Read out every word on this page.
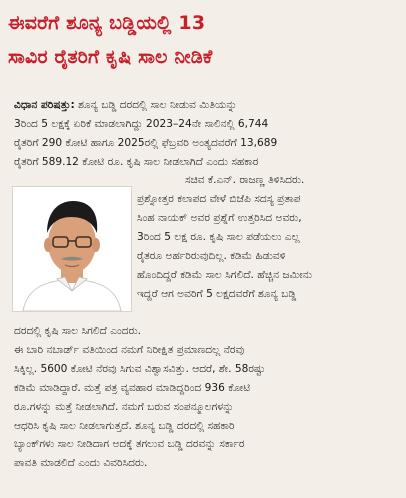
ಈವರೆಗೆ ಶೂನ್ಯ ಬಡ್ಡಿಯಲ್ಲಿ 13
ಸಾವಿರ ರೈತರಿಗೆ ಕೃಷಿ ಸಾಲ ನೀಡಿಕೆ
ವಿಧಾನ ಪರಿಷತ್ತು: ಶೂನ್ಯ ಬಡ್ಡಿ ದರದಲ್ಲಿ ಸಾಲ ನೀಡುವ ಮಿತಿಯನ್ನು
3ರಿಂದ 5 ಲಕ್ಷಕ್ಕೆ ಏರಿಕೆ ಮಾಡಲಾಗಿದ್ದು 2023–24ನೇ ಸಾಲಿನಲ್ಲಿ 6,744
ರೈತರಿಗೆ 290 ಕೋಟಿ ಹಾಗೂ 2025ರಲ್ಲಿ ಫೆಬ್ರವರಿ ಅಂತ್ಯದವರೆಗೆ 13,689
ರೈತರಿಗೆ 589.12 ಕೋಟಿ ರೂ. ಕೃಷಿ ಸಾಲ ನೀಡಲಾಗಿದೆ ಎಂದು ಸಹಕಾರ
ಸಚಿವ ಕೆ.ಎನ್. ರಾಜಣ್ಣ ತಿಳಿಸಿದರು.
ಪ್ರಶ್ನೋತ್ತರ ಕಲಾಪದ ವೇಳೆ ಬಿಜೆಪಿ ಸದಸ್ಯ ಪ್ರತಾಪ
ಸಿಂಹ ನಾಯಕ್ ಅವರ ಪ್ರಶ್ನೆಗೆ ಉತ್ತರಿಸಿದ ಅವರು,
3ರಿಂದ 5 ಲಕ್ಷ ರೂ. ಕೃಷಿ ಸಾಲ ಪಡೆಯಲು ಎಲ್ಲ
ರೈತರೂ ಅರ್ಹರಿರುವುದಿಲ್ಲ. ಕಡಿಮೆ ಹಿಡುವಳಿ
ಹೊಂದಿದ್ದರೆ ಕಡಿಮೆ ಸಾಲ ಸಿಗಲಿದೆ. ಹೆಚ್ಚಿನ ಜಮೀನು
ಇದ್ದರೆ ಆಗ ಅವರಿಗೆ 5 ಲಕ್ಷದವರೆಗೆ ಶೂನ್ಯ ಬಡ್ಡಿ
ದರದಲ್ಲಿ ಕೃಷಿ ಸಾಲ ಸಿಗಲಿದೆ ಎಂದರು.
ಈ ಬಾರಿ ನಬಾರ್ಡ್ ವತಿಯಿಂದ ನಮಗೆ ನಿರೀಕ್ಷಿತ ಪ್ರಮಾಣದಲ್ಲ ನೆರವು
ಸಿಕ್ಕಿಲ್ಲ. 5600 ಕೋಟಿ ನೆರವು ಸಿಗುವ ವಿಶ್ವಾಸವಿತ್ತು. ಆದರೆ, ಶೇ. 58ರಷ್ಟು
ಕಡಿಮೆ ಮಾಡಿದ್ದಾರೆ. ಮತ್ತೆ ಪತ್ರ ವ್ಯವಹಾರ ಮಾಡಿದ್ದರಿಂದ 936 ಕೋಟಿ
ರೂ.ಗಳನ್ನು ಮತ್ತೆ ನೀಡಲಾಗಿದೆ. ನಮಗೆ ಬರುವ ಸಂಪನ್ಮೂಲಗಳನ್ನು
ಆಧರಿಸಿ ಕೃಷಿ ಸಾಲ ನೀಡಲಾಗುತ್ತದೆ. ಶೂನ್ಯ ಬಡ್ಡಿ ದರದಲ್ಲಿ ಸಹಕಾರಿ
ಬ್ಯಾಂಕ್‌ಗಳು ಸಾಲ ನೀಡಿದಾಗ ಅದಕ್ಕೆ ತಗಲುವ ಬಡ್ಡಿ ದರವನ್ನು ಸರ್ಕಾರ
ಪಾವತಿ ಮಾಡಲಿದೆ ಎಂದು ವಿವರಿಸಿದರು.
